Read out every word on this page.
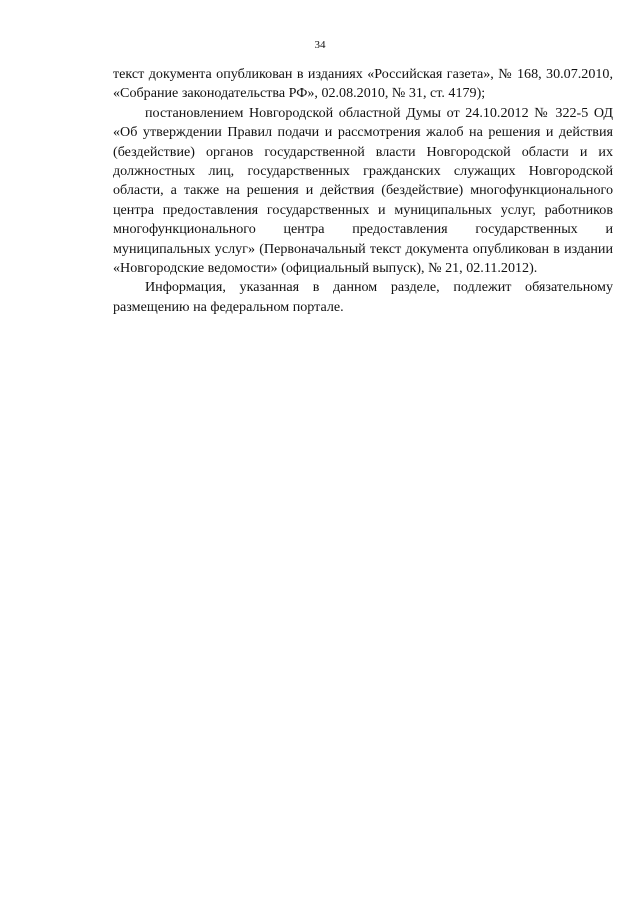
34

текст документа опубликован в изданиях «Российская газета», № 168, 30.07.2010, «Собрание законодательства РФ», 02.08.2010, № 31, ст. 4179);

постановлением Новгородской областной Думы от 24.10.2012 № 322-5 ОД «Об утверждении Правил подачи и рассмотрения жалоб на решения и действия (бездействие) органов государственной власти Новгородской области и их должностных лиц, государственных гражданских служащих Новгородской области, а также на решения и действия (бездействие) многофункционального центра предоставления государственных и муниципальных услуг, работников многофункционального центра предоставления государственных и муниципальных услуг» (Первоначальный текст документа опубликован в издании «Новгородские ведомости» (официальный выпуск), № 21, 02.11.2012).

Информация, указанная в данном разделе, подлежит обязательному размещению на федеральном портале.
